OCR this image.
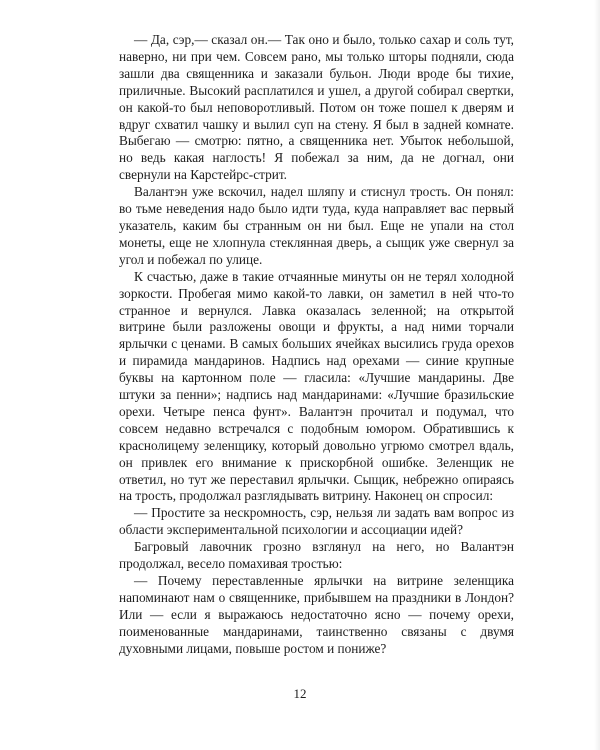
— Да, сэр,— сказал он.— Так оно и было, только сахар и соль тут, наверно, ни при чем. Совсем рано, мы только шторы подняли, сюда зашли два священника и заказали бульон. Люди вроде бы тихие, приличные. Высокий расплатился и ушел, а другой собирал свертки, он какой-то был неповоротливый. Потом он тоже пошел к дверям и вдруг схватил чашку и вылил суп на стену. Я был в задней комнате. Выбегаю — смотрю: пятно, а священника нет. Убыток небольшой, но ведь какая наглость! Я побежал за ним, да не догнал, они свернули на Карстейрс-стрит.

Валантэн уже вскочил, надел шляпу и стиснул трость. Он понял: во тьме неведения надо было идти туда, куда направляет вас первый указатель, каким бы странным он ни был. Еще не упали на стол монеты, еще не хлопнула стеклянная дверь, а сыщик уже свернул за угол и побежал по улице.

К счастью, даже в такие отчаянные минуты он не терял холодной зоркости. Пробегая мимо какой-то лавки, он заметил в ней что-то странное и вернулся. Лавка оказалась зеленной; на открытой витрине были разложены овощи и фрукты, а над ними торчали ярлычки с ценами. В самых больших ячейках высились груда орехов и пирамида мандаринов. Надпись над орехами — синие крупные буквы на картонном поле — гласила: «Лучшие мандарины. Две штуки за пенни»; надпись над мандаринами: «Лучшие бразильские орехи. Четыре пенса фунт». Валантэн прочитал и подумал, что совсем недавно встречался с подобным юмором. Обратившись к краснолицему зеленщику, который довольно угрюмо смотрел вдаль, он привлек его внимание к прискорбной ошибке. Зеленщик не ответил, но тут же переставил ярлычки. Сыщик, небрежно опираясь на трость, продолжал разглядывать витрину. Наконец он спросил:

— Простите за нескромность, сэр, нельзя ли задать вам вопрос из области экспериментальной психологии и ассоциации идей?

Багровый лавочник грозно взглянул на него, но Валантэн продолжал, весело помахивая тростью:

— Почему переставленные ярлычки на витрине зеленщика напоминают нам о священнике, прибывшем на праздники в Лондон? Или — если я выражаюсь недостаточно ясно — почему орехи, поименованные мандаринами, таинственно связаны с двумя духовными лицами, повыше ростом и пониже?

12
